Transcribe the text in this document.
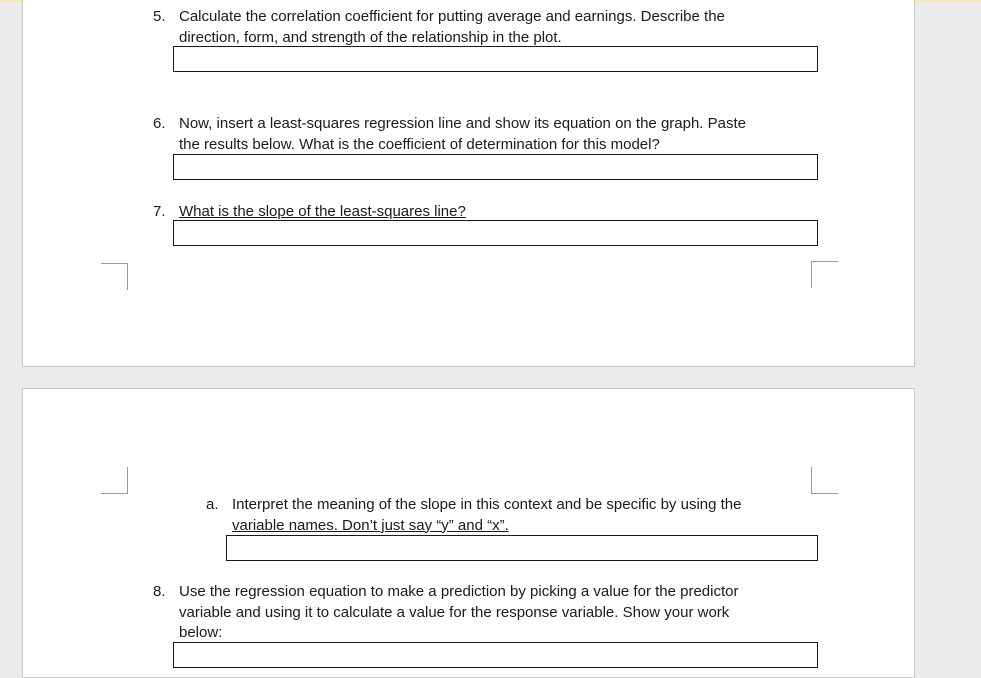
5. Calculate the correlation coefficient for putting average and earnings. Describe the
direction, form, and strength of the relationship in the plot.
6. Now, insert a least-squares regression line and show its equation on the graph. Paste
the results below. What is the coefficient of determination for this model?
7. What is the slope of the least-squares line?
a. Interpret the meaning of the slope in this context and be specific by using the
variable names. Don’t just say “y” and “x”.
8. Use the regression equation to make a prediction by picking a value for the predictor
variable and using it to calculate a value for the response variable. Show your work
below:
